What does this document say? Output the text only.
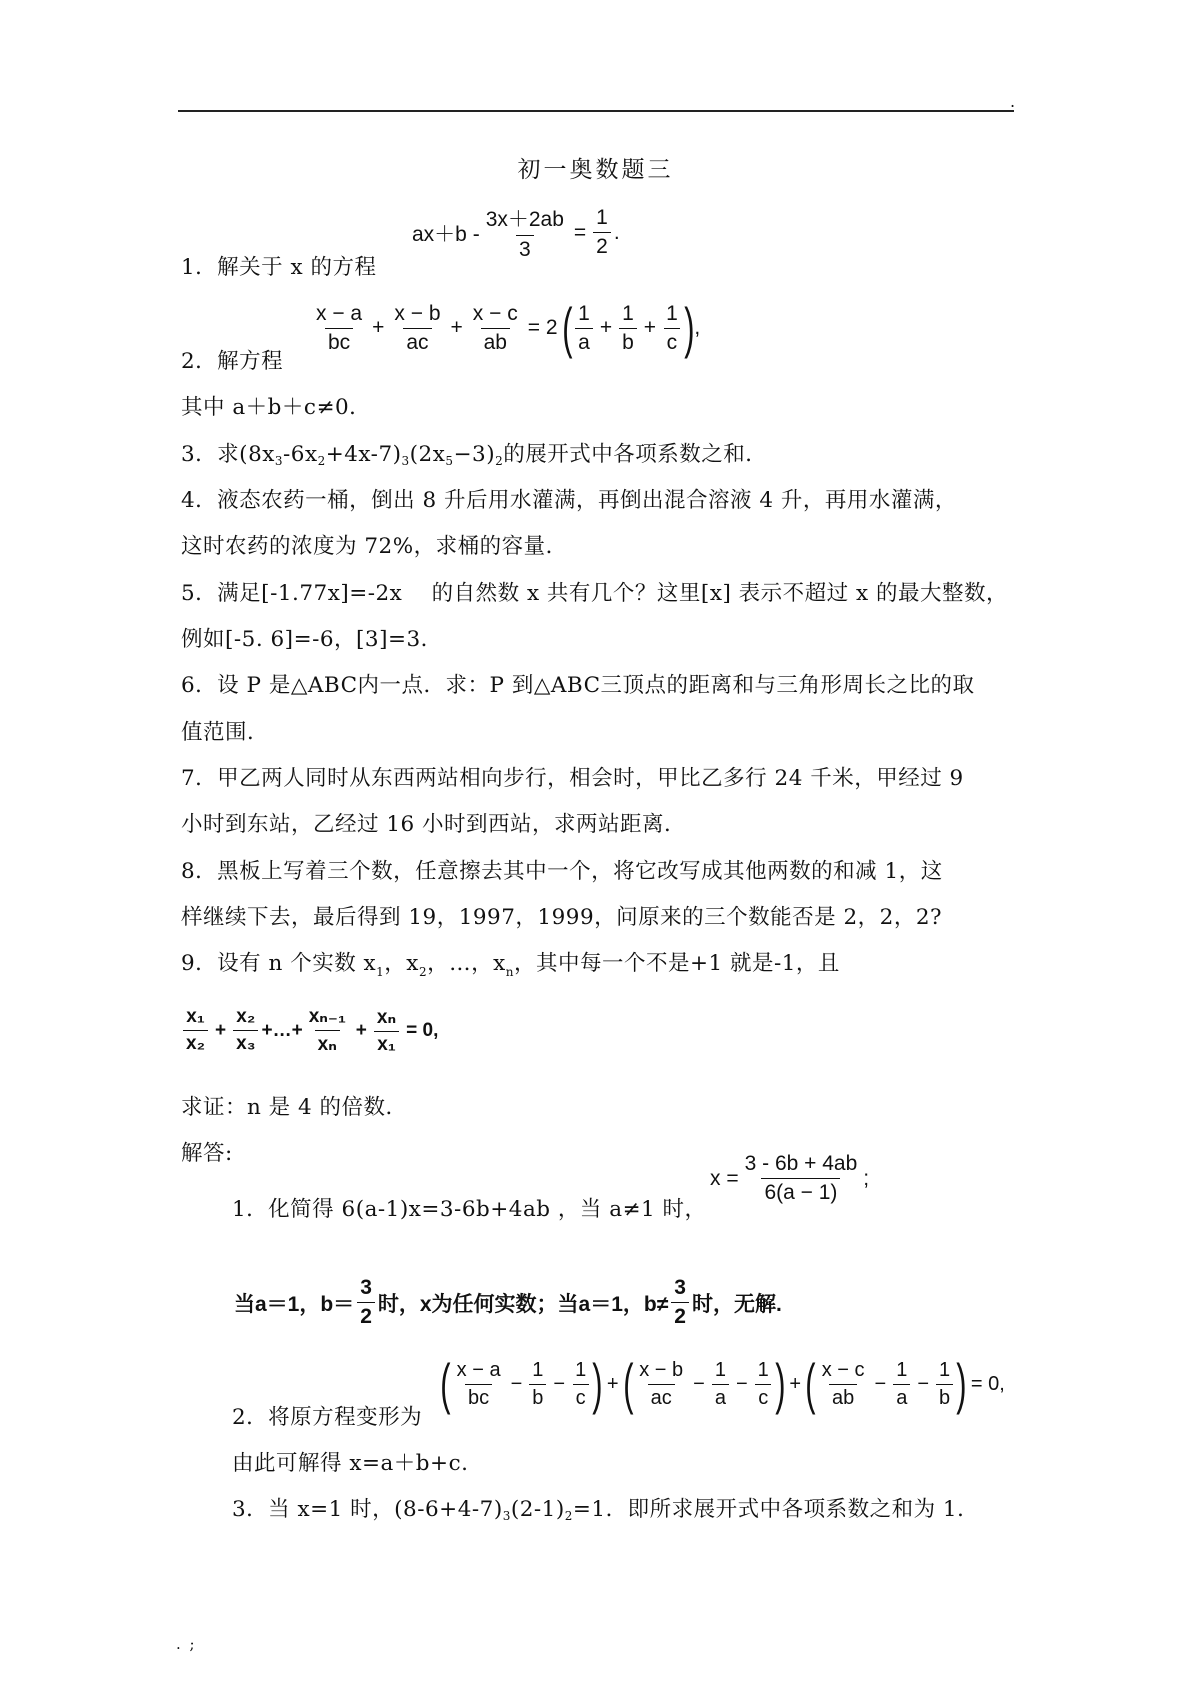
.
初一奥数题三
$ax+b - \frac{3x+2ab}{3} = \frac{1}{2}$ .
1．解关于 x 的方程
$\frac{x - a}{bc} + \frac{x - b}{ac} + \frac{x - c}{ab} = 2$ ( $\frac{1}{a} + \frac{1}{b} + \frac{1}{c}$ ) ,
2．解方程
其中 a＋b＋c≠0．
3．求$(8x_3-6x_2+4x-7)_3(2x_5-3)_2$的展开式中各项系数之和．
4．液态农药一桶，倒出 8 升后用水灌满，再倒出混合溶液 4 升，再用水灌满，
这时农药的浓度为 72%，求桶的容量．
5．满足[-1.77x]=-2x　 的自然数 x 共有几个？这里[x] 表示不超过 x 的最大整数，
例如[-5. 6]=-6，[3]=3．
6．设 P 是△ABC内一点．求：P 到△ABC三顶点的距离和与三角形周长之比的取
值范围．
7．甲乙两人同时从东西两站相向步行，相会时，甲比乙多行 24 千米，甲经过 9
小时到东站，乙经过 16 小时到西站，求两站距离．
8．黑板上写着三个数，任意擦去其中一个，将它改写成其他两数的和减 1，这
样继续下去，最后得到 19，1997，1999，问原来的三个数能否是 2，2，2?
9．设有 n 个实数 $x_1$，$x_2$，…，$x_n$，其中每一个不是+1 就是-1，且
$\frac{\text{x₁}}{\text{x₂}} + \frac{\text{x₂}}{\text{x₃}}$ +…+ $\frac{\text{xₙ₋₁}}{\text{xₙ}} + \frac{\text{xₙ}}{\text{x₁}} = 0$,
求证：n 是 4 的倍数．
解答:
$x = \frac{3 - 6b + 4ab}{6(a - 1)}$ ;
1．化简得 6(a-1)x=3-6b+4ab ，当 a≠1 时，
当a＝1，$b= \frac{3}{2}$ 时，x为任何实数；当a＝1，$b\ne \frac{3}{2}$ 时，无解.
( $\frac{x - a}{bc} - \frac{1}{b} - \frac{1}{c}$ ) + ( $\frac{x - b}{ac} - \frac{1}{a} - \frac{1}{c}$ ) + ( $\frac{x - c}{ab} - \frac{1}{a} - \frac{1}{b}$ ) = 0,
2．将原方程变形为
由此可解得 x=a＋b+c.
3．当 x=1 时，$(8-6+4-7)_3(2-1)_2=1$．即所求展开式中各项系数之和为 1．
. ;
